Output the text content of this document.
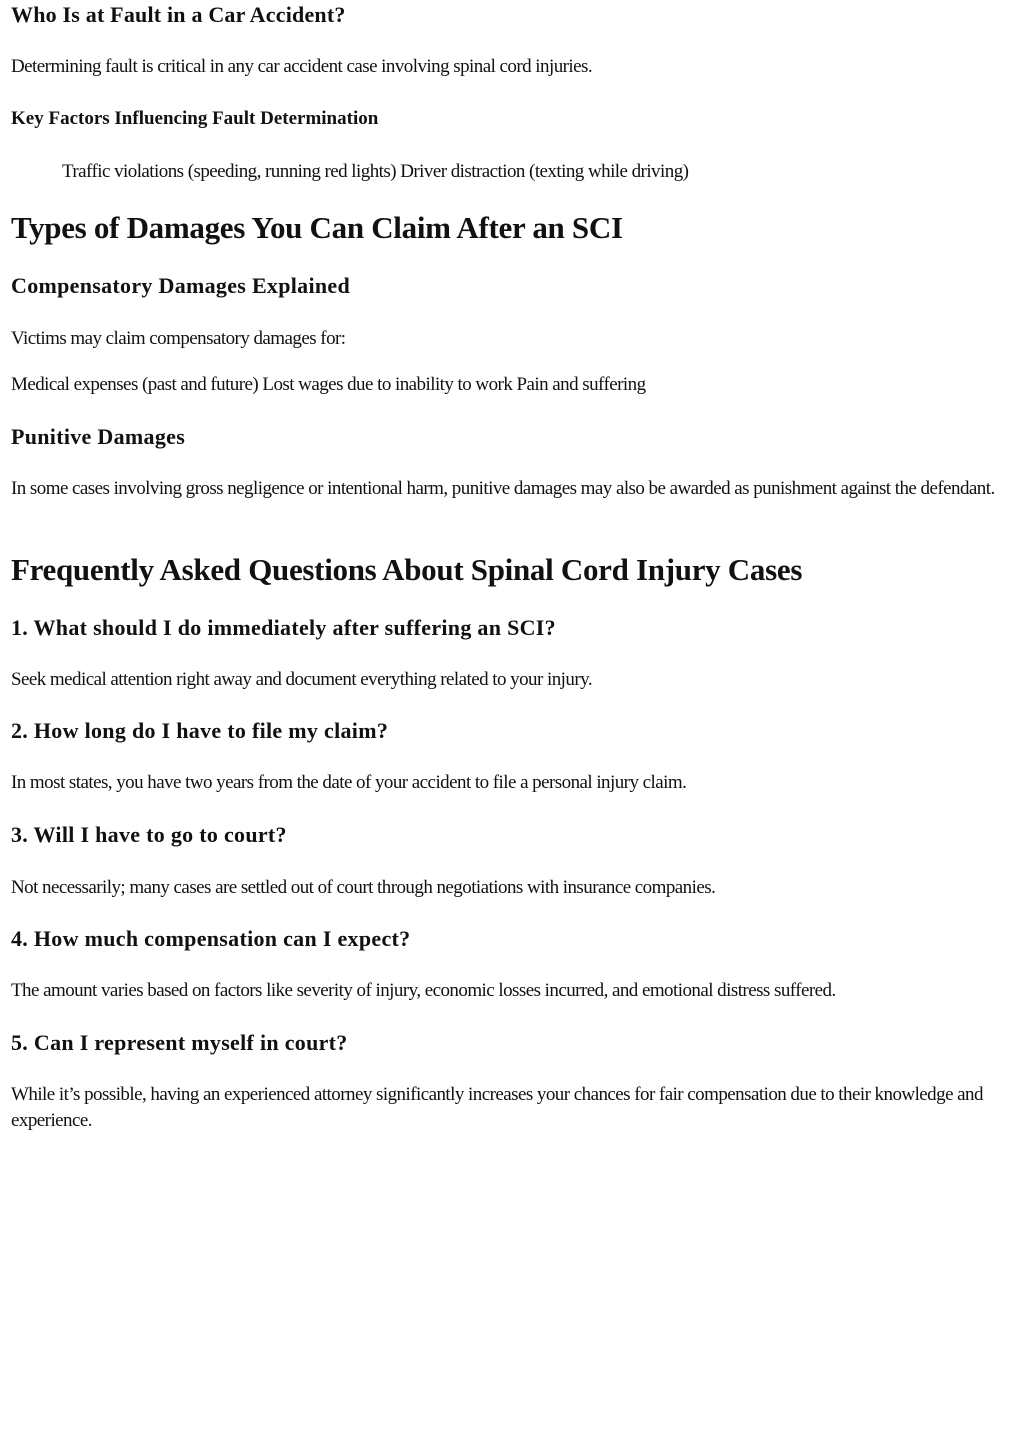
Who Is at Fault in a Car Accident?

Determining fault is critical in any car accident case involving spinal cord injuries.

Key Factors Influencing Fault Determination

Traffic violations (speeding, running red lights) Driver distraction (texting while driving)

Types of Damages You Can Claim After an SCI
Compensatory Damages Explained

Victims may claim compensatory damages for:

Medical expenses (past and future) Lost wages due to inability to work Pain and suffering

Punitive Damages

In some cases involving gross negligence or intentional harm, punitive damages may also be awarded as punishment against the defendant.

Frequently Asked Questions About Spinal Cord Injury Cases
1. What should I do immediately after suffering an SCI?

Seek medical attention right away and document everything related to your injury.

2. How long do I have to file my claim?

In most states, you have two years from the date of your accident to file a personal injury claim.

3. Will I have to go to court?

Not necessarily; many cases are settled out of court through negotiations with insurance companies.

4. How much compensation can I expect?

The amount varies based on factors like severity of injury, economic losses incurred, and emotional distress suffered.

5. Can I represent myself in court?

While it’s possible, having an experienced attorney significantly increases your chances for fair compensation due to their knowledge and experience.
